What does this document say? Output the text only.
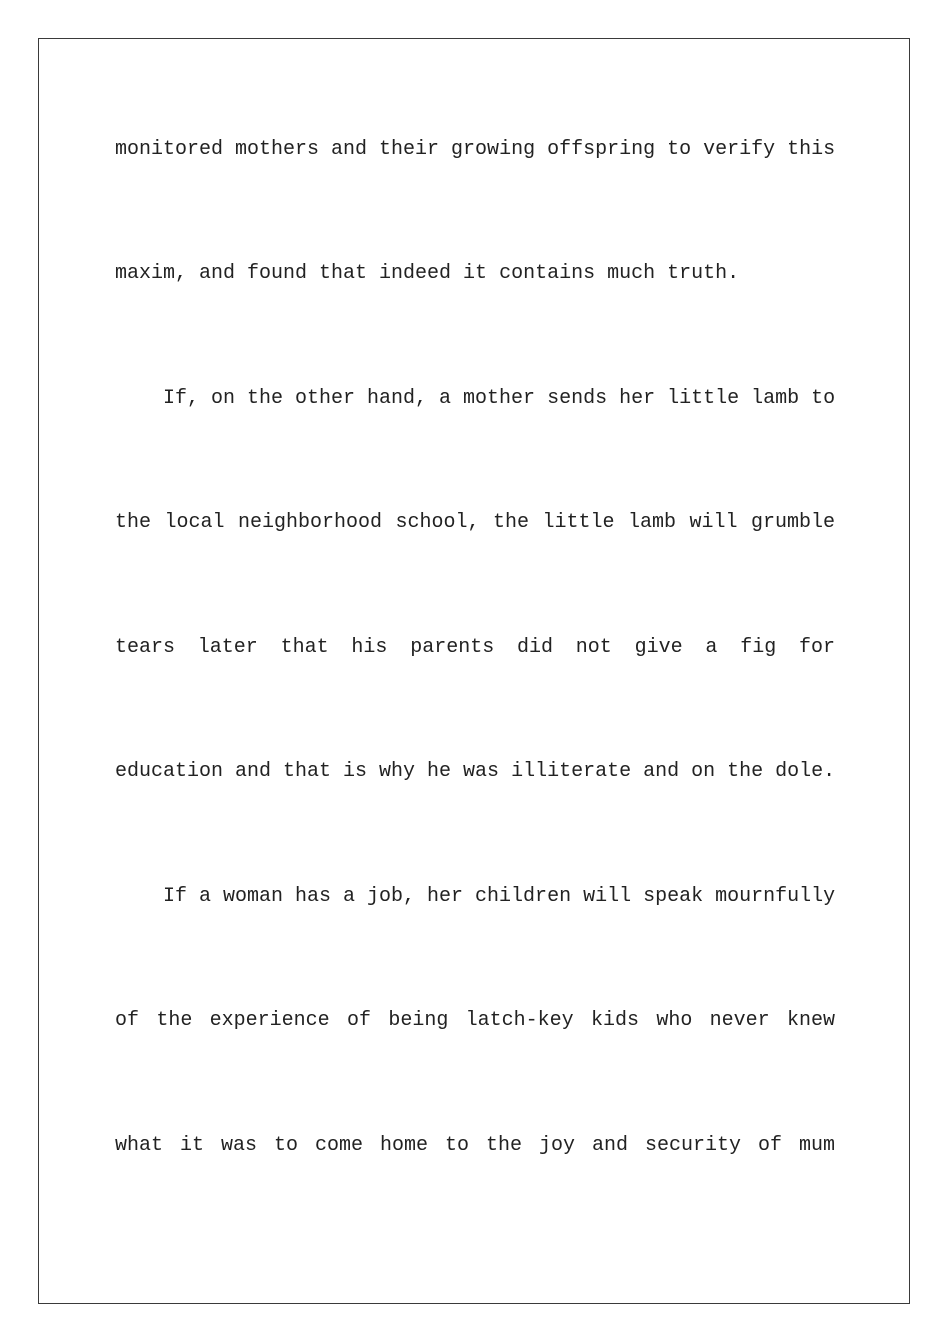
monitored mothers and their growing offspring to verify this

maxim, and found that indeed it contains much truth.

If, on the other hand, a mother sends her little lamb to

the local neighborhood school, the little lamb will grumble

tears later that his parents did not give a fig for

education and that is why he was illiterate and on the dole.

If a woman has a job, her children will speak mournfully

of the experience of being latch-key kids who never knew

what it was to come home to the joy and security of mum
